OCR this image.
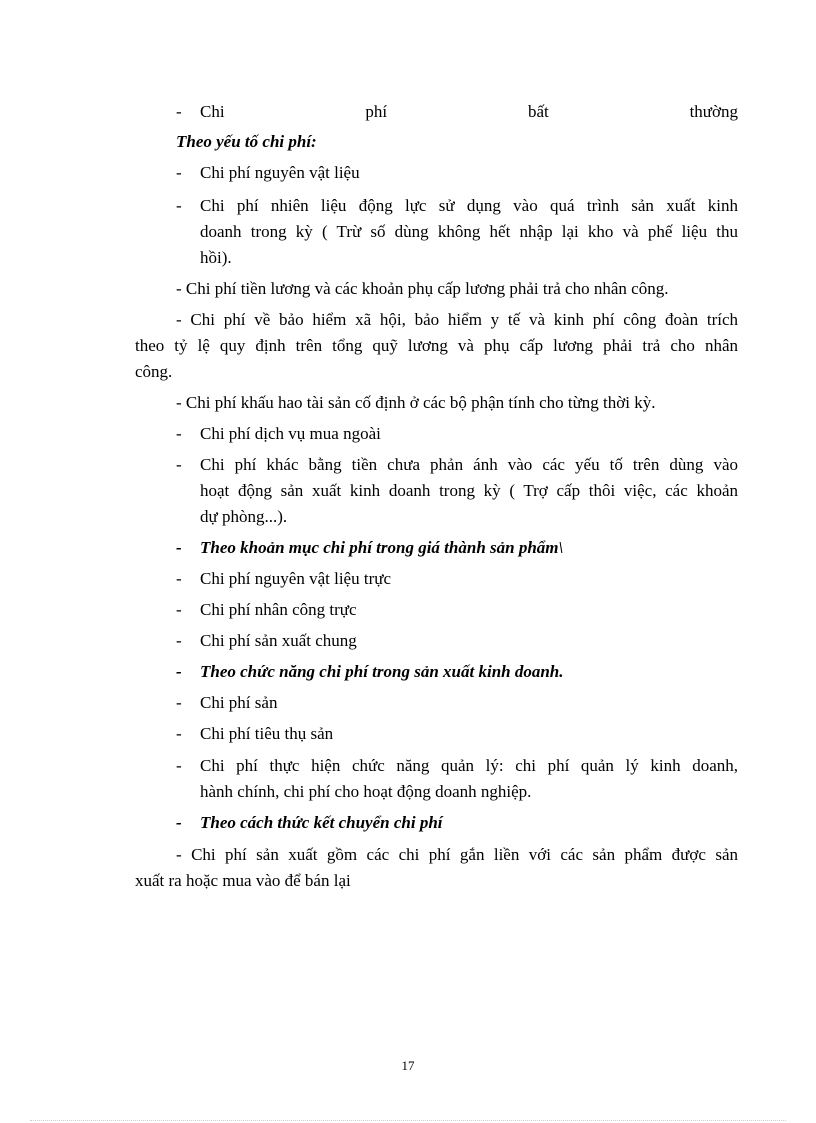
- Chi	phí	bất	thường
Theo yếu tố chi phí:
- Chi phí nguyên vật liệu
- Chi phí nhiên liệu động lực sử dụng vào quá trình sản xuất kinh
doanh trong kỳ ( Trừ số dùng không hết nhập lại kho và phế liệu thu
hồi).
- Chi phí tiền lương và các khoản phụ cấp lương phải trả cho nhân công.
- Chi phí về bảo hiểm xã hội, bảo hiểm y tế và kinh phí công đoàn trích
theo tỷ lệ quy định trên tổng quỹ lương và phụ cấp lương phải trả cho nhân
công.
- Chi phí khấu hao tài sản cố định ở các bộ phận tính cho từng thời kỳ.
- Chi phí dịch vụ mua ngoài
- Chi phí khác bằng tiền chưa phản ánh vào các yếu tố trên dùng vào
hoạt động sản xuất kinh doanh trong kỳ ( Trợ cấp thôi việc, các khoản
dự phòng...).
- Theo khoản mục chi phí trong giá thành sản phẩm\
- Chi phí nguyên vật liệu trực
- Chi phí nhân công trực
- Chi phí sản xuất chung
- Theo chức năng chi phí trong sản xuất kinh doanh.
- Chi phí sản
- Chi phí tiêu thụ sản
- Chi phí thực hiện chức năng quản lý: chi phí quản lý kinh doanh,
hành chính, chi phí cho hoạt động doanh nghiệp.
- Theo cách thức kết chuyển chi phí
- Chi phí sản xuất gồm các chi phí gắn liền với các sản phẩm được sản
xuất ra hoặc mua vào để bán lại
17
